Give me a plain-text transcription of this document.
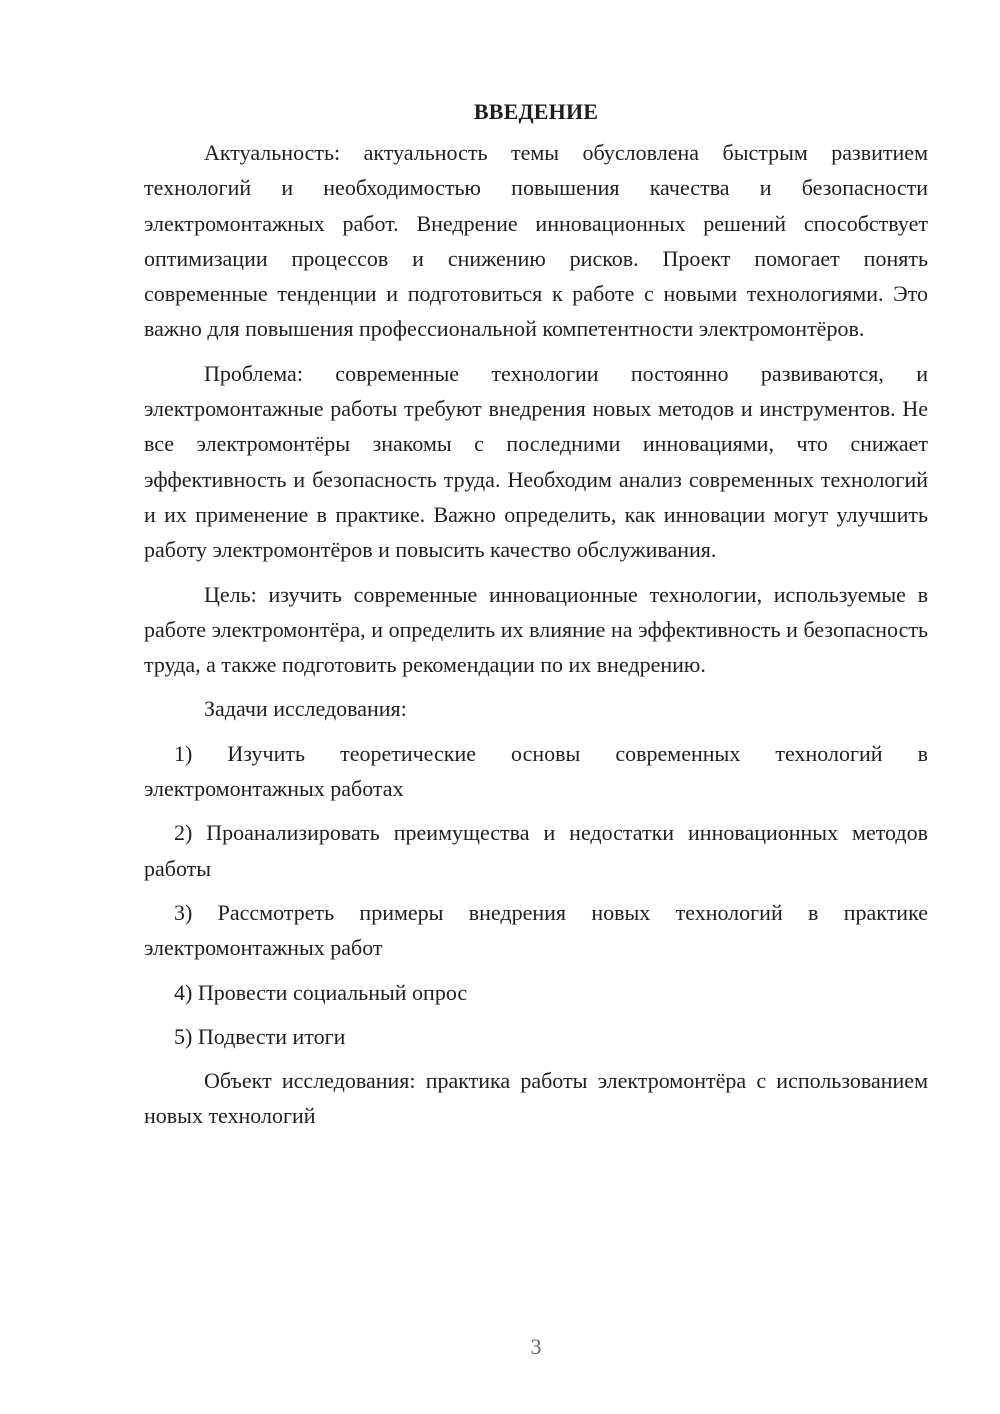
ВВЕДЕНИЕ

Актуальность: актуальность темы обусловлена быстрым развитием технологий и необходимостью повышения качества и безопасности электромонтажных работ. Внедрение инновационных решений способствует оптимизации процессов и снижению рисков. Проект помогает понять современные тенденции и подготовиться к работе с новыми технологиями. Это важно для повышения профессиональной компетентности электромонтёров.

Проблема: современные технологии постоянно развиваются, и электромонтажные работы требуют внедрения новых методов и инструментов. Не все электромонтёры знакомы с последними инновациями, что снижает эффективность и безопасность труда. Необходим анализ современных технологий и их применение в практике. Важно определить, как инновации могут улучшить работу электромонтёров и повысить качество обслуживания.

Цель: изучить современные инновационные технологии, используемые в работе электромонтёра, и определить их влияние на эффективность и безопасность труда, а также подготовить рекомендации по их внедрению.

Задачи исследования:

1) Изучить теоретические основы современных технологий в электромонтажных работах

2) Проанализировать преимущества и недостатки инновационных методов работы

3) Рассмотреть примеры внедрения новых технологий в практике электромонтажных работ

4) Провести социальный опрос

5) Подвести итоги

Объект исследования: практика работы электромонтёра с использованием новых технологий

3
